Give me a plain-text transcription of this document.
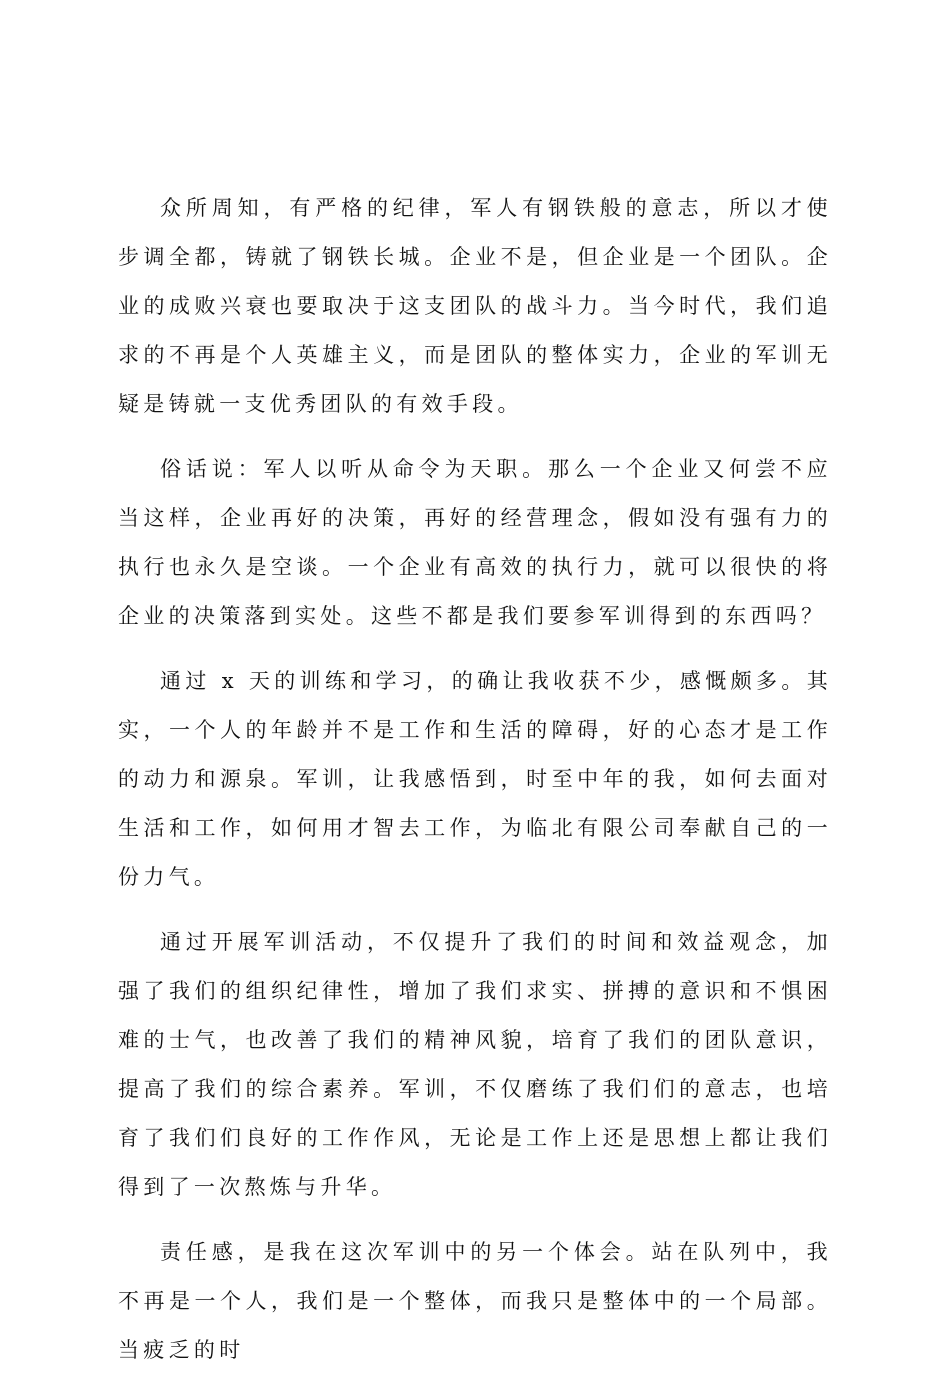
众所周知，有严格的纪律，军人有钢铁般的意志，所以才使步调全都，铸就了钢铁长城。企业不是，但企业是一个团队。企业的成败兴衰也要取决于这支团队的战斗力。当今时代，我们追求的不再是个人英雄主义，而是团队的整体实力，企业的军训无疑是铸就一支优秀团队的有效手段。

俗话说：军人以听从命令为天职。那么一个企业又何尝不应当这样，企业再好的决策，再好的经营理念，假如没有强有力的执行也永久是空谈。一个企业有高效的执行力，就可以很快的将企业的决策落到实处。这些不都是我们要参军训得到的东西吗？

通过 x 天的训练和学习，的确让我收获不少，感慨颇多。其实，一个人的年龄并不是工作和生活的障碍，好的心态才是工作的动力和源泉。军训，让我感悟到，时至中年的我，如何去面对生活和工作，如何用才智去工作，为临北有限公司奉献自己的一份力气。

通过开展军训活动，不仅提升了我们的时间和效益观念，加强了我们的组织纪律性，增加了我们求实、拼搏的意识和不惧困难的士气，也改善了我们的精神风貌，培育了我们的团队意识，提高了我们的综合素养。军训，不仅磨练了我们们的意志，也培育了我们们良好的工作作风，无论是工作上还是思想上都让我们得到了一次熬炼与升华。

责任感，是我在这次军训中的另一个体会。站在队列中，我不再是一个人，我们是一个整体，而我只是整体中的一个局部。当疲乏的时
